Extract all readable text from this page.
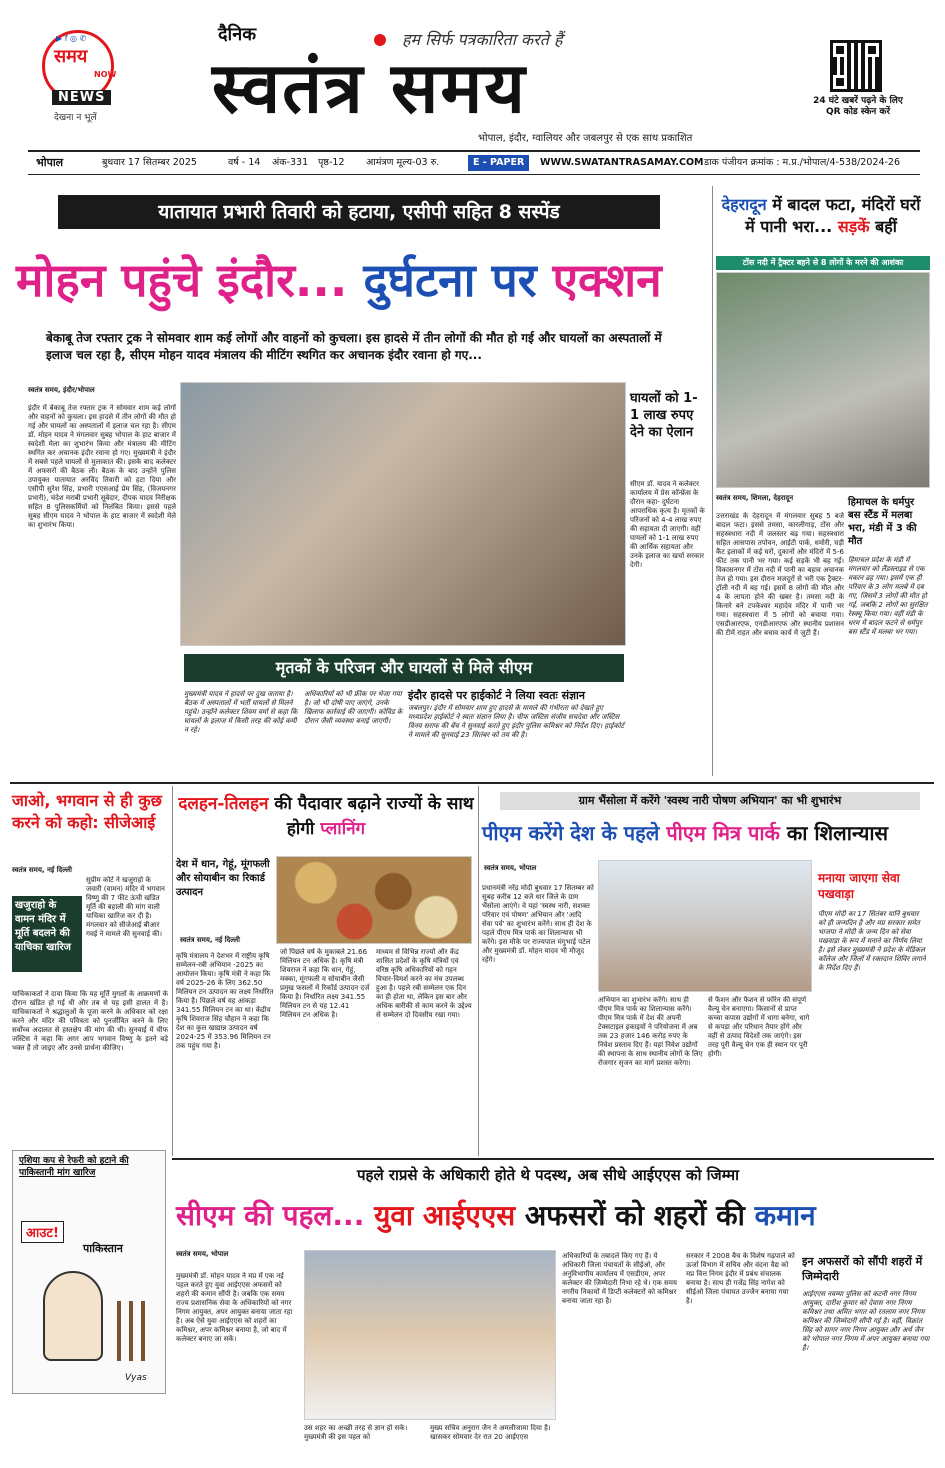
▶ f ◎ ✆
समय
NOW
NEWS
देखना न भूलें
दैनिक	हम सिर्फ पत्रकारिता करते हैं
स्वतंत्र समय
भोपाल, इंदौर, ग्वालियर और जबलपुर से एक साथ प्रकाशित
24 घंटे खबरें पढ़ने के लिए QR कोड स्केन करें
भोपाल	बुधवार 17 सितम्बर 2025	वर्ष - 14 अंक-331 पृष्ठ-12 आमंत्रण मूल्य-03 रु.	E - PAPER	WWW.SWATANTRASAMAY.COM डाक पंजीयन क्रमांक : म.प्र./भोपाल/4-538/2024-26
यातायात प्रभारी तिवारी को हटाया, एसीपी सहित 8 सस्पेंड
मोहन पहुंचे इंदौर... दुर्घटना पर एक्शन
बेकाबू तेज रफ्तार ट्रक ने सोमवार शाम कई लोगों और वाहनों को कुचला। इस हादसे में तीन लोगों की मौत हो गई और घायलों का अस्पतालों में इलाज चल रहा है, सीएम मोहन यादव मंत्रालय की मीटिंग स्थगित कर अचानक इंदौर रवाना हो गए...
स्वतंत्र समय, इंदौर/भोपाल
इंदौर में बेकाबू तेज रफ्तार ट्रक ने सोमवार शाम कई लोगों और वाहनों को कुचला। इस हादसे में तीन लोगों की मौत हो गई और घायलों का अस्पतालों में इलाज चल रहा है। सीएम डॉ. मोहन यादव ने मंगलवार सुबह भोपाल के हाट बाजार में स्वदेशी मेला का शुभारंभ किया और मंत्रालय की मीटिंग स्थगित कर अचानक इंदौर रवाना हो गए। मुख्यमंत्री ने इंदौर में सबसे पहले घायलों से मुलाकात की। इसके बाद कलेक्टर में अफसरों की बैठक ली। बैठक के बाद उन्होंने पुलिस उपायुक्त यातायात अरविंद तिवारी को हटा दिया और एसीपी सुरेश सिंह, प्रभारी एएसआई प्रेम सिंह, (विजयनगर प्रभारी), चंदेश मराबी प्रभारी सूबेदार, दीपक यादव निरीक्षक सहित 8 पुलिसकर्मियों को निलंबित किया। इससे पहले सुबह सीएम यादव ने भोपाल के हाट बाजार में स्वदेशी मेले का शुभारंभ किया।
मृतकों के परिजन और घायलों से मिले सीएम
घायलों को 1-1 लाख रुपए देने का ऐलान
सीएम डॉ. यादव ने कलेक्टर कार्यालय में प्रेस कॉन्फ्रेंस के दौरान कहा- दुर्घटना आपराधिक कृत्य है। मृतकों के परिजनों को 4-4 लाख रुपए की सहायता दी जाएगी। वहीं घायलों को 1-1 लाख रुपए की आर्थिक सहायता और उनके इलाज का खर्चा सरकार देगी।
मुख्यमंत्री यादव ने हादसे पर दुख जताया है। बैठक में अस्पतालों में भर्ती घायलों से मिलने पहुंचे। उन्होंने कलेक्टर शिवम वर्मा से कहा कि घायलों के इलाज में किसी तरह की कोई कमी न रहे।
अधिकारियों को भी फ्रीक पर भेजा गया है। जो भी दोषी पाए जाएंगे, उनके खिलाफ कार्रवाई की जाएगी। कोविड के दौरान जैसी व्यवस्था बनाई जाएगी।
इंदौर हादसे पर हाईकोर्ट ने लिया स्वतः संज्ञान
जबलपुर। इंदौर में सोमवार शाम हुए हादसे के मामले की गंभीरता को देखते हुए मध्यप्रदेश हाईकोर्ट ने स्वतः संज्ञान लिया है। चीफ जस्टिस संजीव सचदेवा और जस्टिस विनय सराफ की बेंच ने सुनवाई करते हुए इंदौर पुलिस कमिश्नर को निर्देश दिए। हाईकोर्ट ने मामले की सुनवाई 23 सितंबर को तय की है।
देहरादून में बादल फटा, मंदिरों घरों में पानी भरा... सड़कें बहीं
टोंस नदी में ट्रैक्टर बहने से 8 लोगों के मरने की आशंका
स्वतंत्र समय, शिमला, देहरादून
उत्तराखंड के देहरादून में मंगलवार सुबह 5 बजे बादल फटा। इससे तमसा, कारलीगाड़, टोंस और सहस्त्रधारा नदी में जलस्तर बढ़ गया। सहस्त्रधारा सहित आसपास तपोवन, आईटी पार्क, धमोरी, घड़ी कैंट इलाकों में कई घरों, दुकानों और मंदिरों में 5-6 फीट तक पानी भर गया। कई सड़कें भी बह गईं। विकासनगर में टोंस नदी में पानी का बहाव अचानक तेज हो गया। इस दौरान मजदूरों से भरी एक ट्रैक्टर-ट्रॉली नदी में बह गई। इसमें 8 लोगों की मौत और 4 के लापता होने की खबर है। तमसा नदी के किनारे बने टपकेश्वर महादेव मंदिर में पानी भर गया। सहस्त्रधारा में 5 लोगों को बचाया गया। एसडीआरएफ, एनडीआरएफ और स्थानीय प्रशासन की टीमें राहत और बचाव कार्य में जुटी हैं।
हिमाचल के धर्मपुर बस स्टैंड में मलबा भरा, मंडी में 3 की मौत
हिमाचल प्रदेश के मंडी में मंगलवार को लैंडस्लाइड से एक मकान ढह गया। इसमें एक ही परिवार के 3 लोग मलबे में दब गए, जिसमें 3 लोगों की मौत हो गई, जबकि 2 लोगों का सुरक्षित रेस्क्यू किया गया। वहीं मंडी के धरम में बादल फटने से धर्मपुर बस स्टैंड में मलबा भर गया।
जाओ, भगवान से ही कुछ करने को कहो: सीजेआई
स्वतंत्र समय, नई दिल्ली
सुप्रीम कोर्ट ने खजुराहो के जवारी (वामन) मंदिर में भगवान विष्णु की 7 फीट ऊंची खंडित मूर्ति की बहाली की मांग वाली याचिका खारिज कर दी है। मंगलवार को सीजेआई बीआर गवई ने मामले की सुनवाई की।
खजुराहो के वामन मंदिर में मूर्ति बदलने की याचिका खारिज
याचिकाकर्ता ने दावा किया कि यह मूर्ति मुगलों के आक्रमणों के दौरान खंडित हो गई थी और तब से यह इसी हालत में है। याचिकाकर्ता ने श्रद्धालुओं के पूजा करने के अधिकार को रक्षा करने और मंदिर की पवित्रता को पुनर्जीवित करने के लिए सर्वोच्च अदालत से हस्तक्षेप की मांग की थी। सुनवाई में चीफ जस्टिस ने कहा कि अगर आप भगवान विष्णु के इतने बड़े भक्त हैं तो जाइए और उनसे प्रार्थना कीजिए।
एशिया कप से रेफरी को हटाने की पाकिस्तानी मांग खारिज
आउट!
पाकिस्तान
Vyas
दलहन-तिलहन की पैदावार बढ़ाने राज्यों के साथ होगी प्लानिंग
देश में धान, गेहूं, मूंगफली और सोयाबीन का रिकार्ड उत्पादन
स्वतंत्र समय, नई दिल्ली
कृषि मंत्रालय ने देशभर में राष्ट्रीय कृषि सम्मेलन-रबी अभियान -2025 का आयोजन किया। कृषि मंत्री ने कहा कि वर्ष 2025-26 के लिए 362.50 मिलियन टन उत्पादन का लक्ष्य निर्धारित किया है। पिछले वर्ष यह आंकड़ा 341.55 मिलियन टन का था। केंद्रीय कृषि शिवराज सिंह चौहान ने कहा कि देश का कुल खाद्यान्न उत्पादन वर्ष 2024-25 में 353.96 मिलियन टन तक पहुंच गया है।
जो पिछले वर्ष के मुकाबले 21.66 मिलियन टन अधिक है। कृषि मंत्री शिवराज ने कहा कि धान, गेहूं, मक्का, मूंगफली व सोयाबीन जैसी प्रमुख फसलों में रिकॉर्ड उत्पादन दर्ज किया है। निर्धारित लक्ष्य 341.55 मिलियन टन से यह 12.41 मिलियन टन अधिक है।
माध्यम से विभिन्न राज्यों और केंद्र शासित प्रदेशों के कृषि मंत्रियों एवं वरिष्ठ कृषि अधिकारियों को गहन विचार-विमर्श करने का मंच उपलब्ध हुआ है। पहले रबी सम्मेलन एक दिन का ही होता था, लेकिन इस बार और अधिक बारीकी से काम करने के उद्देश्य से सम्मेलन दो दिवसीय रखा गया।
ग्राम भैंसोला में करेंगे 'स्वस्थ नारी पोषण अभियान' का भी शुभारंभ
पीएम करेंगे देश के पहले पीएम मित्र पार्क का शिलान्यास
स्वतंत्र समय, भोपाल
प्रधानमंत्री नरेंद्र मोदी बुधवार 17 सितम्बर को सुबह करीब 12 बजे धार जिले के ग्राम भैंसोला आएंगे। वे यहां 'स्वस्थ नारी, सशक्त परिवार एवं पोषण' अभियान और 'आदि सेवा पर्व' का शुभारंभ करेंगे। साथ ही देश के पहले पीएम मित्र पार्क का शिलान्यास भी करेंगे। इस मौके पर राज्यपाल मंगुभाई पटेल और मुख्यमंत्री डॉ. मोहन यादव भी मौजूद रहेंगे।
अभियान का शुभारंभ करेंगे। साथ ही पीएम मित्र पार्क का शिलान्यास करेंगे। पीएम मित्र पार्क में देश की अपनी टेक्सटाइल इकाइयों ने परियोजना में अब तक 23 हजार 146 करोड़ रुपए के निवेश प्रस्ताव दिए हैं। यहां निवेश उद्योगों की स्थापना के साथ स्थानीय लोगों के लिए रोजगार सृजन का मार्ग प्रशस्त करेगा।
से फैशन और फैशन से फॉरेन की संपूर्ण वैल्यू चेन बनाएगा। किसानों से प्राप्त कच्चा कपास उद्योगों में धागा बनेगा, धागे से कपड़ा और परिधान तैयार होंगे और वहीं से उत्पाद विदेशों तक जाएंगे। इस तरह पूरी वैल्यू चेन एक ही स्थान पर पूरी होगी।
मनाया जाएगा सेवा पखवाड़ा
पीएम मोदी का 17 सितंबर यानि बुधवार को ही जन्मदिन है और मप्र सरकार समेत भाजपा ने मोदी के जन्म दिन को सेवा पखवाड़ा के रूप में मनाने का निर्णय लिया है। इसे लेकर मुख्यमंत्री ने प्रदेश के मेडिकल कॉलेज और जिलों में रक्तदान शिविर लगाने के निर्देश दिए हैं।
पहले राप्रसे के अधिकारी होते थे पदस्थ, अब सीधे आईएएस को जिम्मा
सीएम की पहल... युवा आईएएस अफसरों को शहरों की कमान
स्वतंत्र समय, भोपाल
मुख्यमंत्री डॉ. मोहन यादव ने मप्र में एक नई पहल करते हुए युवा आईएएस अफसरों को शहरों की कमान सौंपी है। जबकि एक समय राज्य प्रशासनिक सेवा के अधिकारियों को नगर निगम आयुक्त, अपर आयुक्त बनाया जाता रहा है। अब ऐसे युवा आईएएस को शहरों का कमिश्नर, अपर कमिश्नर बनाया है, जो बाद में कलेक्टर बनाए जा सकें।
उस शहर का अच्छी तरह से ज्ञान हो सके। मुख्यमंत्री की इस पहल को
मुख्य सचिव अनुराग जैन ने अमलीजामा दिया है। खासकर सोमवार देर रात 20 आईएएस
अधिकारियों के तबादले किए गए हैं। ये अधिकारी जिला पंचायतों के सीईओ, और अनुविभागीय कार्यालय में एसडीएम, अपर कलेक्टर की जिम्मेदारी निभा रहे थे। एक समय नगरीय निकायों में डिप्टी कलेक्टरों को कमिश्नर बनाया जाता रहा है।
सरकार ने 2008 बैच के विशेष गढ़पाले को ऊर्जा विभाग में सचिव और वंदना वैद्य को मप्र वित्त निगम इंदौर में प्रबंध संचालक बनाया है। साथ ही गजेंद्र सिंह नागेश को सीईओ जिला पंचायत उज्जैन बनाया गया है।
इन अफसरों को सौंपी शहरों में जिम्मेदारी
आईएएस नवम्या पुलिस को कटनी नगर निगम आयुक्त, दारीश कुमार को देवास नगर निगम कमिश्नर तथा अमित भगत को रतलाम नगर निगम कमिश्नर की जिम्मेदारी सौंपी गई है। वहीं, विक्रांत सिंह को सागर नगर निगम आयुक्त और अर्थ जैन को भोपाल नगर निगम में अपर आयुक्त बनाया गया है।
